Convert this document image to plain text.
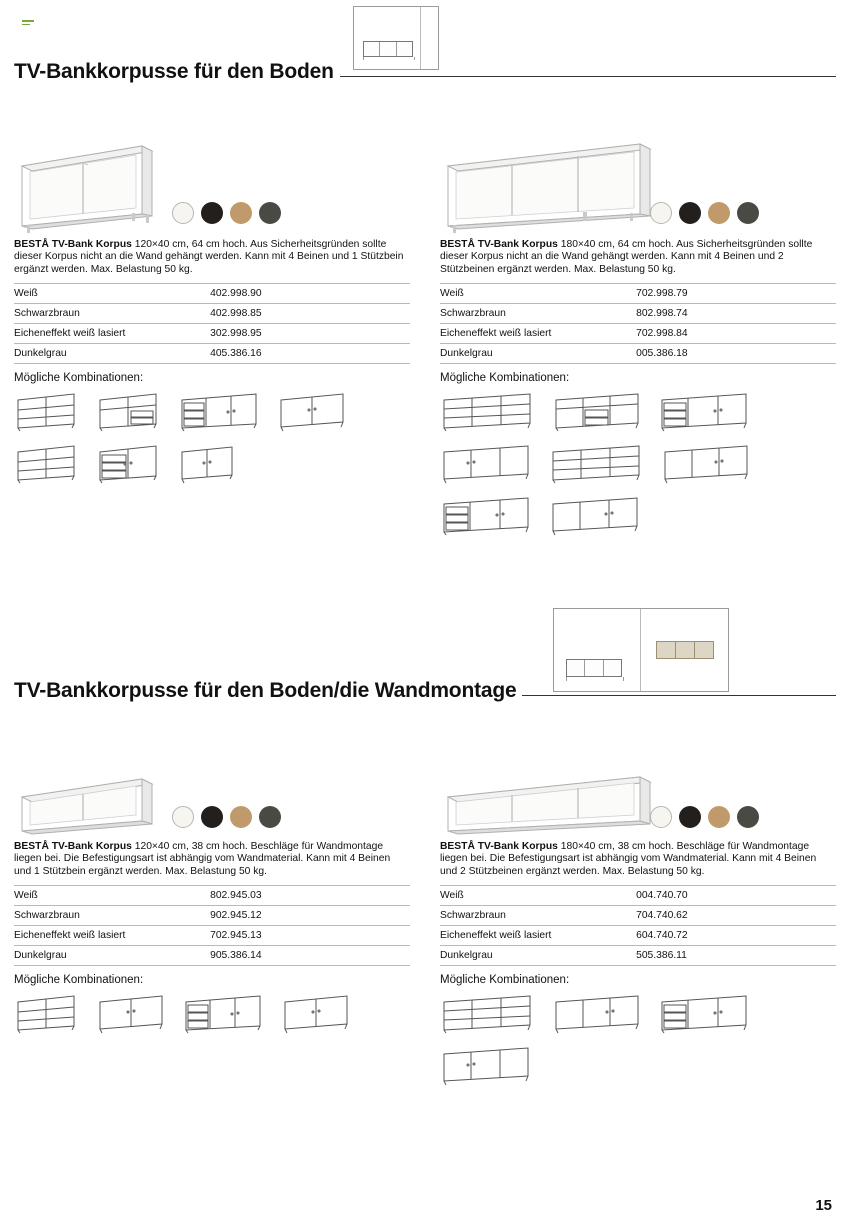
TV-Bankkorpusse für den Boden
BESTÅ TV-Bank Korpus 120×40 cm, 64 cm hoch. Aus Sicherheitsgründen sollte dieser Korpus nicht an die Wand gehängt werden. Kann mit 4 Beinen und 1 Stützbein ergänzt werden. Max. Belastung 50 kg.
Weiß	402.998.90
Schwarzbraun	402.998.85
Eicheneffekt weiß lasiert	302.998.95
Dunkelgrau	405.386.16
Mögliche Kombinationen:
BESTÅ TV-Bank Korpus 180×40 cm, 64 cm hoch. Aus Sicherheitsgründen sollte dieser Korpus nicht an die Wand gehängt werden. Kann mit 4 Beinen und 2 Stützbeinen ergänzt werden. Max. Belastung 50 kg.
Weiß	702.998.79
Schwarzbraun	802.998.74
Eicheneffekt weiß lasiert	702.998.84
Dunkelgrau	005.386.18
Mögliche Kombinationen:
TV-Bankkorpusse für den Boden/die Wandmontage
BESTÅ TV-Bank Korpus 120×40 cm, 38 cm hoch. Beschläge für Wandmontage liegen bei. Die Befestigungsart ist abhängig vom Wandmaterial. Kann mit 4 Beinen und 1 Stützbein ergänzt werden. Max. Belastung 50 kg.
Weiß	802.945.03
Schwarzbraun	902.945.12
Eicheneffekt weiß lasiert	702.945.13
Dunkelgrau	905.386.14
Mögliche Kombinationen:
BESTÅ TV-Bank Korpus 180×40 cm, 38 cm hoch. Beschläge für Wandmontage liegen bei. Die Befestigungsart ist abhängig vom Wandmaterial. Kann mit 4 Beinen und 2 Stützbeinen ergänzt werden. Max. Belastung 50 kg.
Weiß	004.740.70
Schwarzbraun	704.740.62
Eicheneffekt weiß lasiert	604.740.72
Dunkelgrau	505.386.11
Mögliche Kombinationen:
15
